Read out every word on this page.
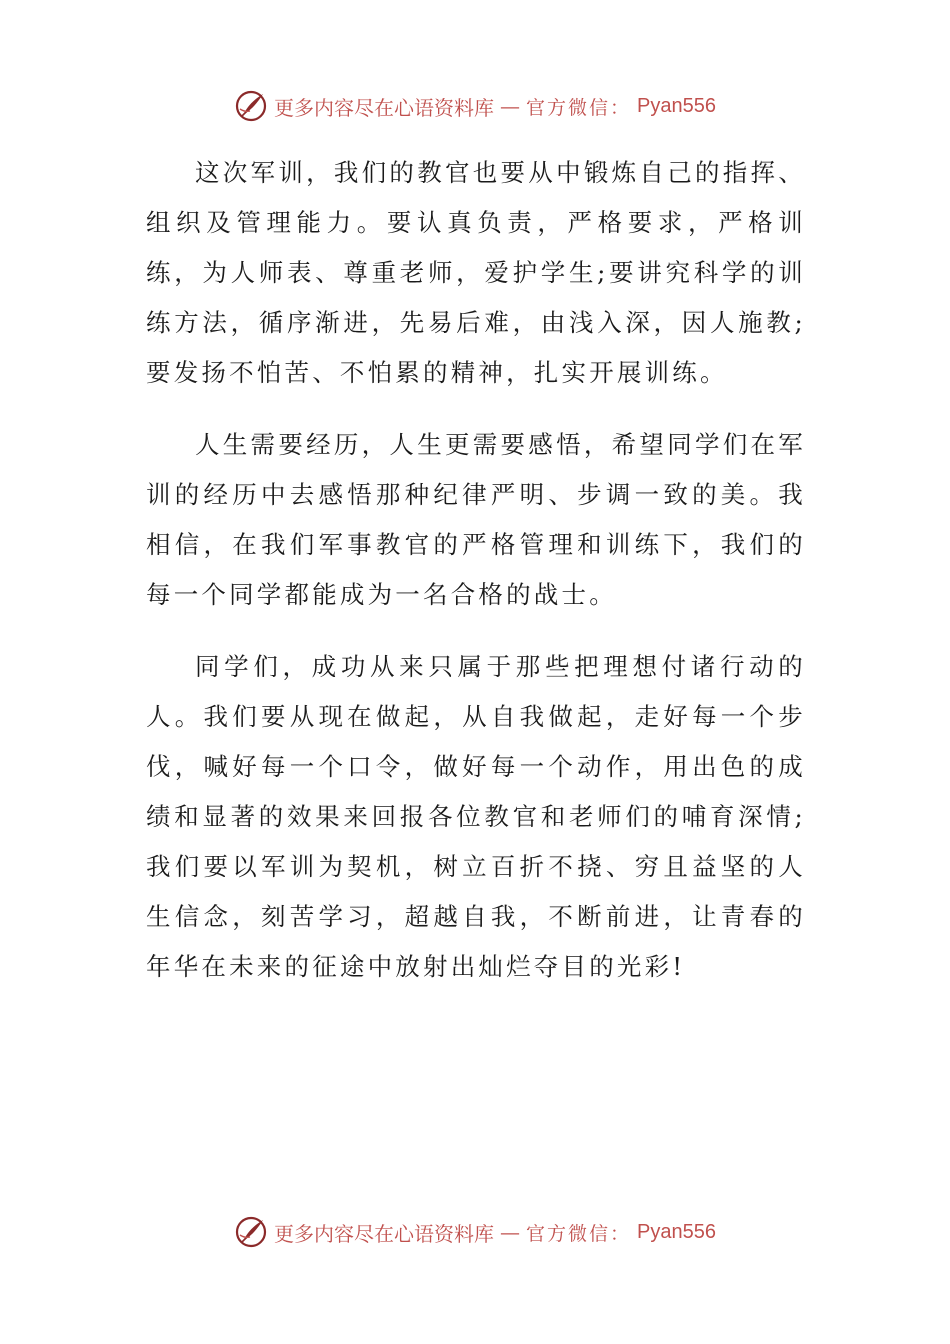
更多内容尽在心语资料库 — 官方微信： Pyan556

这次军训，我们的教官也要从中锻炼自己的指挥、组织及管理能力。要认真负责，严格要求，严格训练，为人师表、尊重老师，爱护学生;要讲究科学的训练方法，循序渐进，先易后难，由浅入深，因人施教;要发扬不怕苦、不怕累的精神，扎实开展训练。

人生需要经历，人生更需要感悟，希望同学们在军训的经历中去感悟那种纪律严明、步调一致的美。我相信，在我们军事教官的严格管理和训练下，我们的每一个同学都能成为一名合格的战士。

同学们，成功从来只属于那些把理想付诸行动的人。我们要从现在做起，从自我做起，走好每一个步伐，喊好每一个口令，做好每一个动作，用出色的成绩和显著的效果来回报各位教官和老师们的哺育深情;我们要以军训为契机，树立百折不挠、穷且益坚的人生信念，刻苦学习，超越自我，不断前进，让青春的年华在未来的征途中放射出灿烂夺目的光彩!

更多内容尽在心语资料库 — 官方微信： Pyan556
